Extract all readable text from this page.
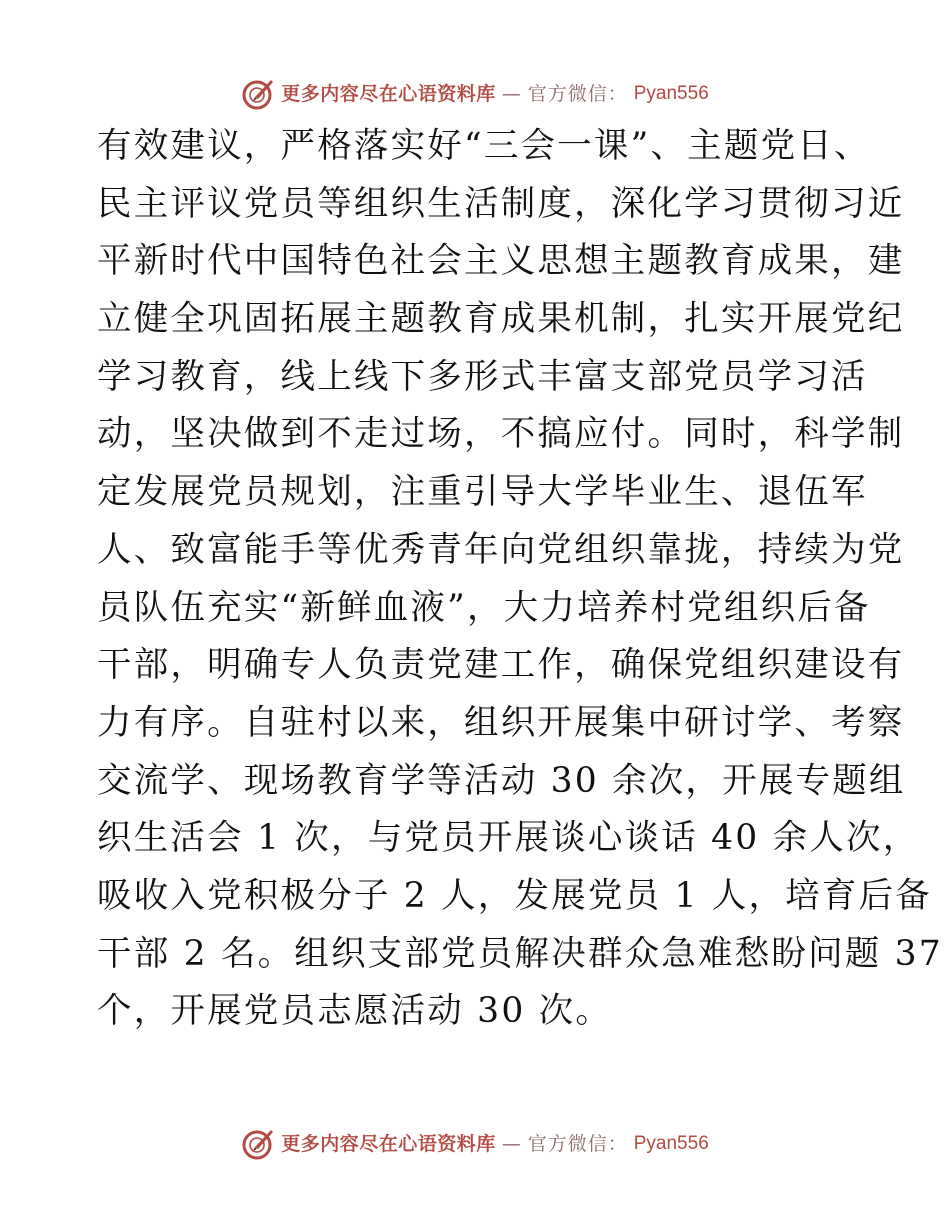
更多内容尽在心语资料库 — 官方微信： Pyan556
有效建议，严格落实好“三会一课”、主题党日、
民主评议党员等组织生活制度，深化学习贯彻习近
平新时代中国特色社会主义思想主题教育成果，建
立健全巩固拓展主题教育成果机制，扎实开展党纪
学习教育，线上线下多形式丰富支部党员学习活
动，坚决做到不走过场，不搞应付。同时，科学制
定发展党员规划，注重引导大学毕业生、退伍军
人、致富能手等优秀青年向党组织靠拢，持续为党
员队伍充实“新鲜血液”，大力培养村党组织后备
干部，明确专人负责党建工作，确保党组织建设有
力有序。自驻村以来，组织开展集中研讨学、考察
交流学、现场教育学等活动 30 余次，开展专题组
织生活会 1 次，与党员开展谈心谈话 40 余人次，
吸收入党积极分子 2 人，发展党员 1 人，培育后备
干部 2 名。组织支部党员解决群众急难愁盼问题 37
个，开展党员志愿活动 30 次。
更多内容尽在心语资料库 — 官方微信： Pyan556
